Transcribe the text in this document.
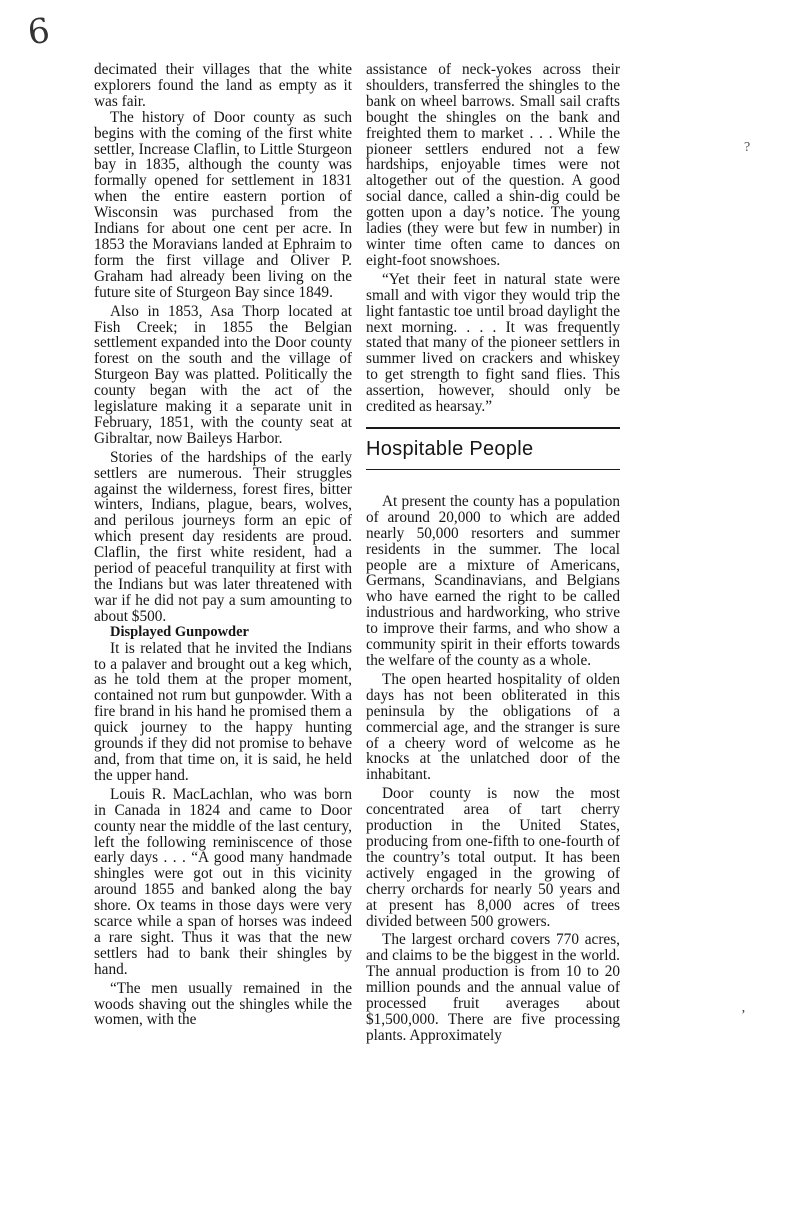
6

decimated their villages that the white explorers found the land as empty as it was fair.

The history of Door county as such begins with the coming of the first white settler, Increase Claflin, to Little Sturgeon bay in 1835, although the county was formally opened for settlement in 1831 when the entire eastern portion of Wisconsin was purchased from the Indians for about one cent per acre. In 1853 the Moravians landed at Ephraim to form the first village and Oliver P. Graham had already been living on the future site of Sturgeon Bay since 1849.

Also in 1853, Asa Thorp located at Fish Creek; in 1855 the Belgian settlement expanded into the Door county forest on the south and the village of Sturgeon Bay was platted. Politically the county began with the act of the legislature making it a separate unit in February, 1851, with the county seat at Gibraltar, now Baileys Harbor.

Stories of the hardships of the early settlers are numerous. Their struggles against the wilderness, forest fires, bitter winters, Indians, plague, bears, wolves, and perilous journeys form an epic of which present day residents are proud. Claflin, the first white resident, had a period of peaceful tranquility at first with the Indians but was later threatened with war if he did not pay a sum amounting to about $500.

Displayed Gunpowder

It is related that he invited the Indians to a palaver and brought out a keg which, as he told them at the proper moment, contained not rum but gunpowder. With a fire brand in his hand he promised them a quick journey to the happy hunting grounds if they did not promise to behave and, from that time on, it is said, he held the upper hand.

Louis R. MacLachlan, who was born in Canada in 1824 and came to Door county near the middle of the last century, left the following reminiscence of those early days . . . “A good many handmade shingles were got out in this vicinity around 1855 and banked along the bay shore. Ox teams in those days were very scarce while a span of horses was indeed a rare sight. Thus it was that the new settlers had to bank their shingles by hand.

“The men usually remained in the woods shaving out the shingles while the women, with the

assistance of neck-yokes across their shoulders, transferred the shingles to the bank on wheel barrows. Small sail crafts bought the shingles on the bank and freighted them to market . . . While the pioneer settlers endured not a few hardships, enjoyable times were not altogether out of the question. A good social dance, called a shin-dig could be gotten upon a day’s notice. The young ladies (they were but few in number) in winter time often came to dances on eight-foot snowshoes.

“Yet their feet in natural state were small and with vigor they would trip the light fantastic toe until broad daylight the next morning. . . . It was frequently stated that many of the pioneer settlers in summer lived on crackers and whiskey to get strength to fight sand flies. This assertion, however, should only be credited as hearsay.”

Hospitable People

At present the county has a population of around 20,000 to which are added nearly 50,000 resorters and summer residents in the summer. The local people are a mixture of Americans, Germans, Scandinavians, and Belgians who have earned the right to be called industrious and hardworking, who strive to improve their farms, and who show a community spirit in their efforts towards the welfare of the county as a whole.

The open hearted hospitality of olden days has not been obliterated in this peninsula by the obligations of a commercial age, and the stranger is sure of a cheery word of welcome as he knocks at the unlatched door of the inhabitant.

Door county is now the most concentrated area of tart cherry production in the United States, producing from one-fifth to one-fourth of the country’s total output. It has been actively engaged in the growing of cherry orchards for nearly 50 years and at present has 8,000 acres of trees divided between 500 growers.

The largest orchard covers 770 acres, and claims to be the biggest in the world. The annual production is from 10 to 20 million pounds and the annual value of processed fruit averages about $1,500,000. There are five processing plants. Approximately

?
’
